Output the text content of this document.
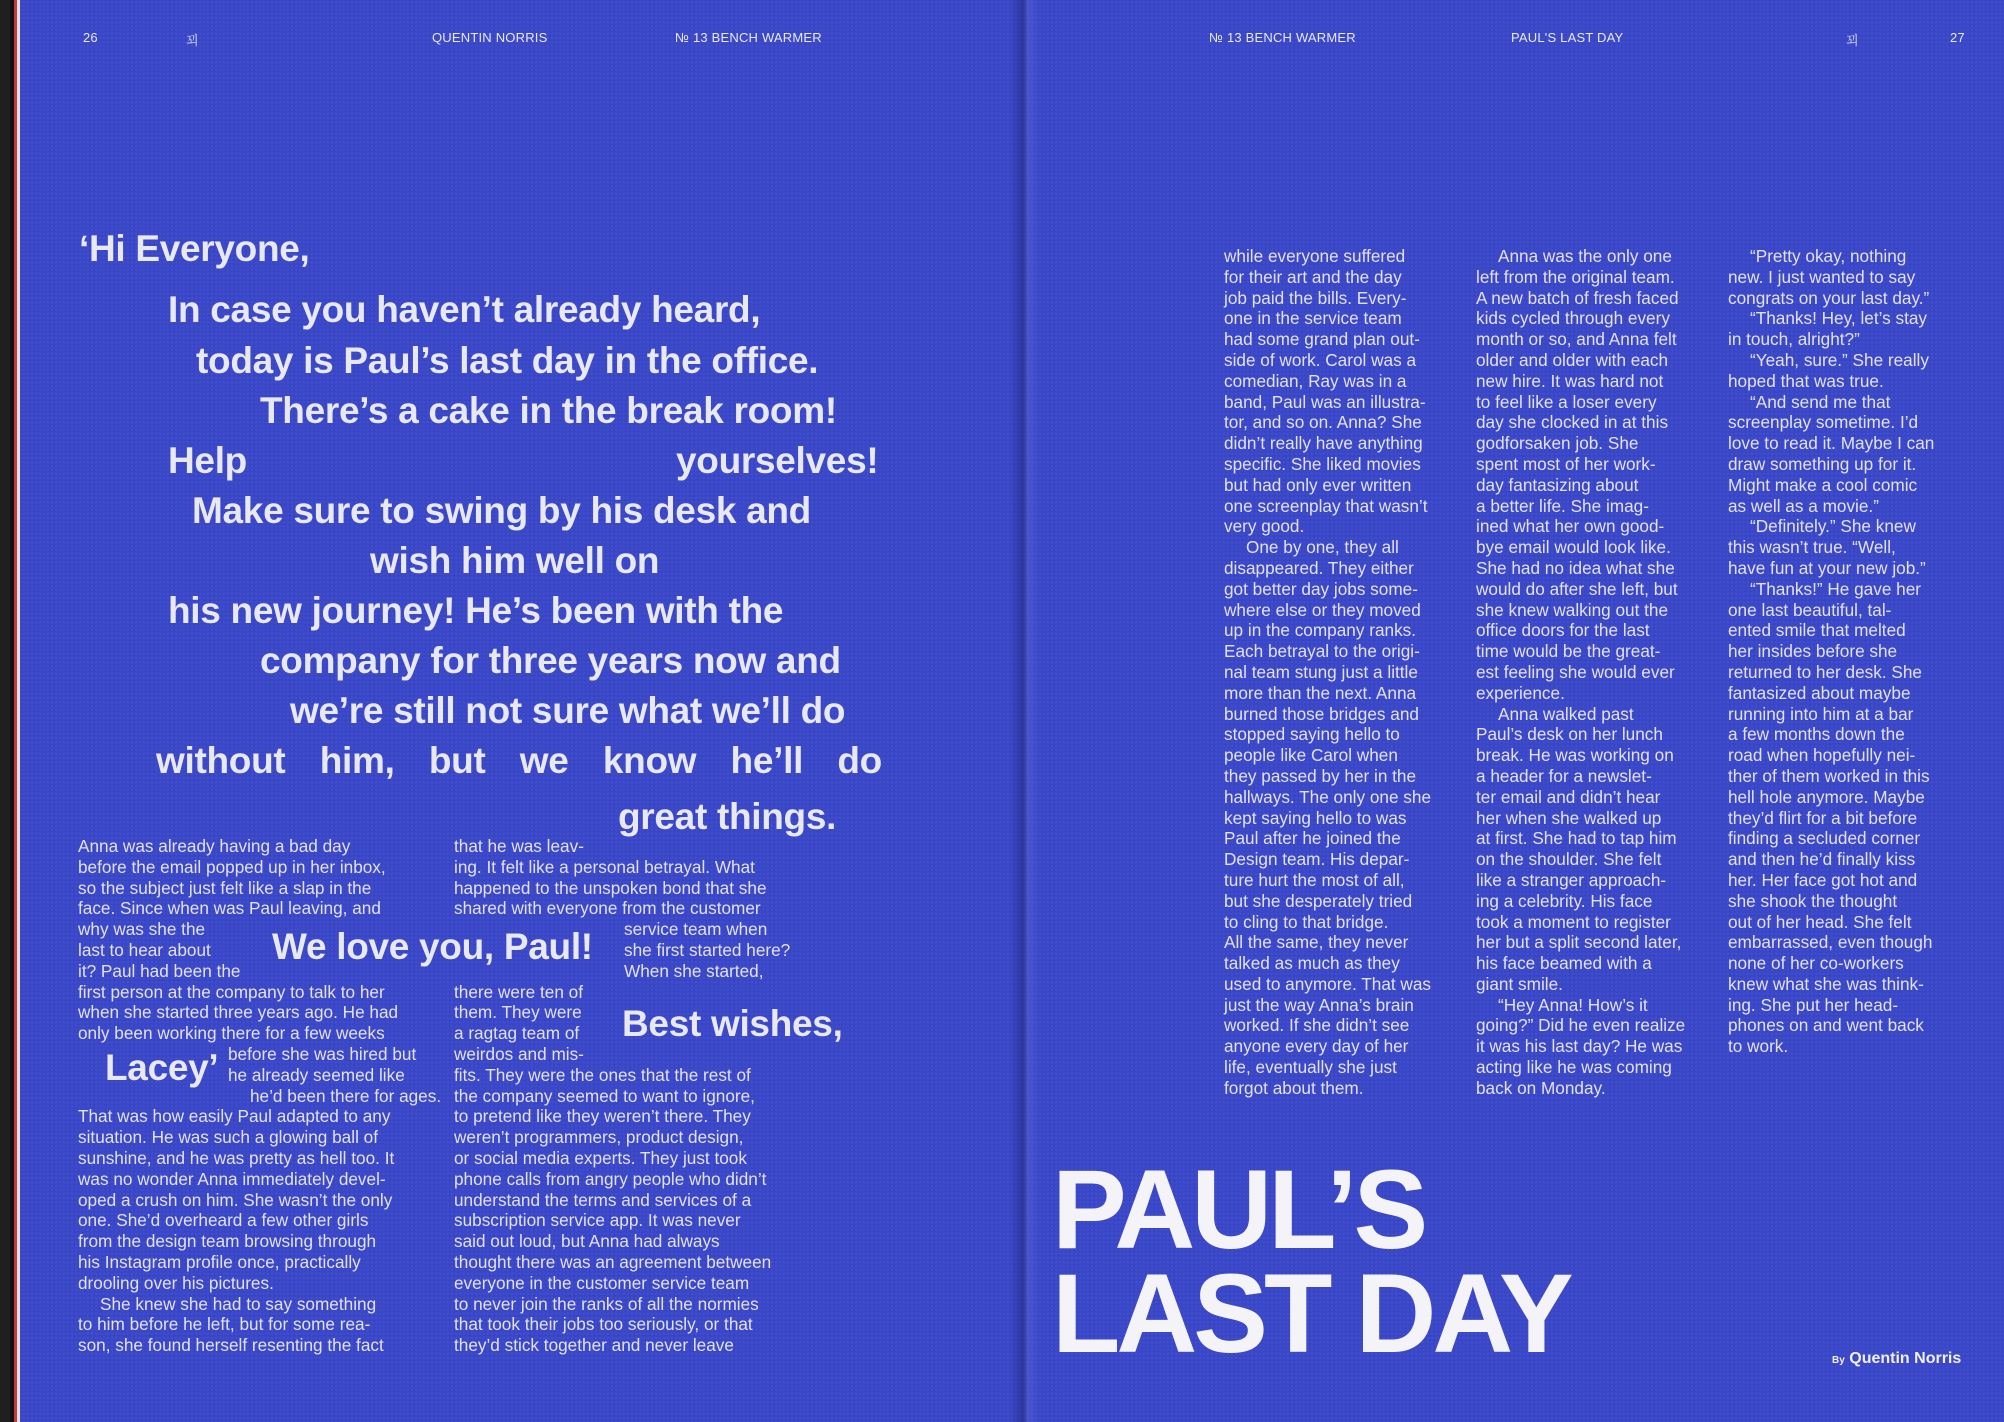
26	꾀	QUENTIN NORRIS	№ 13 BENCH WARMER	№ 13 BENCH WARMER	PAUL'S LAST DAY	꾀	27
‘Hi Everyone,
In case you haven’t already heard,
today is Paul’s last day in the office.
There’s a cake in the break room!
Help	yourselves!
Make sure to swing by his desk and
wish him well on
his new journey! He’s been with the
company for three years now and
we’re still not sure what we’ll do
without him, but we know he’ll do
great things.
We love you, Paul!
Best wishes,
Lacey’
Anna was already having a bad day
before the email popped up in her inbox,
so the subject just felt like a slap in the
face. Since when was Paul leaving, and
why was she the
last to hear about
it? Paul had been the
first person at the company to talk to her
when she started three years ago. He had
only been working there for a few weeks
before she was hired but
he already seemed like
he’d been there for ages.
That was how easily Paul adapted to any
situation. He was such a glowing ball of
sunshine, and he was pretty as hell too. It
was no wonder Anna immediately devel-
oped a crush on him. She wasn’t the only
one. She’d overheard a few other girls
from the design team browsing through
his Instagram profile once, practically
drooling over his pictures.
She knew she had to say something
to him before he left, but for some rea-
son, she found herself resenting the fact
that he was leav-
ing. It felt like a personal betrayal. What
happened to the unspoken bond that she
shared with everyone from the customer
service team when
she first started here?
When she started,
there were ten of
them. They were
a ragtag team of
weirdos and mis-
fits. They were the ones that the rest of
the company seemed to want to ignore,
to pretend like they weren’t there. They
weren’t programmers, product design,
or social media experts. They just took
phone calls from angry people who didn’t
understand the terms and services of a
subscription service app. It was never
said out loud, but Anna had always
thought there was an agreement between
everyone in the customer service team
to never join the ranks of all the normies
that took their jobs too seriously, or that
they’d stick together and never leave
while everyone suffered
for their art and the day
job paid the bills. Every-
one in the service team
had some grand plan out-
side of work. Carol was a
comedian, Ray was in a
band, Paul was an illustra-
tor, and so on. Anna? She
didn’t really have anything
specific. She liked movies
but had only ever written
one screenplay that wasn’t
very good.
One by one, they all
disappeared. They either
got better day jobs some-
where else or they moved
up in the company ranks.
Each betrayal to the origi-
nal team stung just a little
more than the next. Anna
burned those bridges and
stopped saying hello to
people like Carol when
they passed by her in the
hallways. The only one she
kept saying hello to was
Paul after he joined the
Design team. His depar-
ture hurt the most of all,
but she desperately tried
to cling to that bridge.
All the same, they never
talked as much as they
used to anymore. That was
just the way Anna’s brain
worked. If she didn’t see
anyone every day of her
life, eventually she just
forgot about them.
Anna was the only one
left from the original team.
A new batch of fresh faced
kids cycled through every
month or so, and Anna felt
older and older with each
new hire. It was hard not
to feel like a loser every
day she clocked in at this
godforsaken job. She
spent most of her work-
day fantasizing about
a better life. She imag-
ined what her own good-
bye email would look like.
She had no idea what she
would do after she left, but
she knew walking out the
office doors for the last
time would be the great-
est feeling she would ever
experience.
Anna walked past
Paul’s desk on her lunch
break. He was working on
a header for a newslet-
ter email and didn’t hear
her when she walked up
at first. She had to tap him
on the shoulder. She felt
like a stranger approach-
ing a celebrity. His face
took a moment to register
her but a split second later,
his face beamed with a
giant smile.
“Hey Anna! How’s it
going?” Did he even realize
it was his last day? He was
acting like he was coming
back on Monday.
“Pretty okay, nothing
new. I just wanted to say
congrats on your last day.”
“Thanks! Hey, let’s stay
in touch, alright?”
“Yeah, sure.” She really
hoped that was true.
“And send me that
screenplay sometime. I’d
love to read it. Maybe I can
draw something up for it.
Might make a cool comic
as well as a movie.”
“Definitely.” She knew
this wasn’t true. “Well,
have fun at your new job.”
“Thanks!” He gave her
one last beautiful, tal-
ented smile that melted
her insides before she
returned to her desk. She
fantasized about maybe
running into him at a bar
a few months down the
road when hopefully nei-
ther of them worked in this
hell hole anymore. Maybe
they’d flirt for a bit before
finding a secluded corner
and then he’d finally kiss
her. Her face got hot and
she shook the thought
out of her head. She felt
embarrassed, even though
none of her co-workers
knew what she was think-
ing. She put her head-
phones on and went back
to work.
PAUL’S
LAST DAY	By Quentin Norris
